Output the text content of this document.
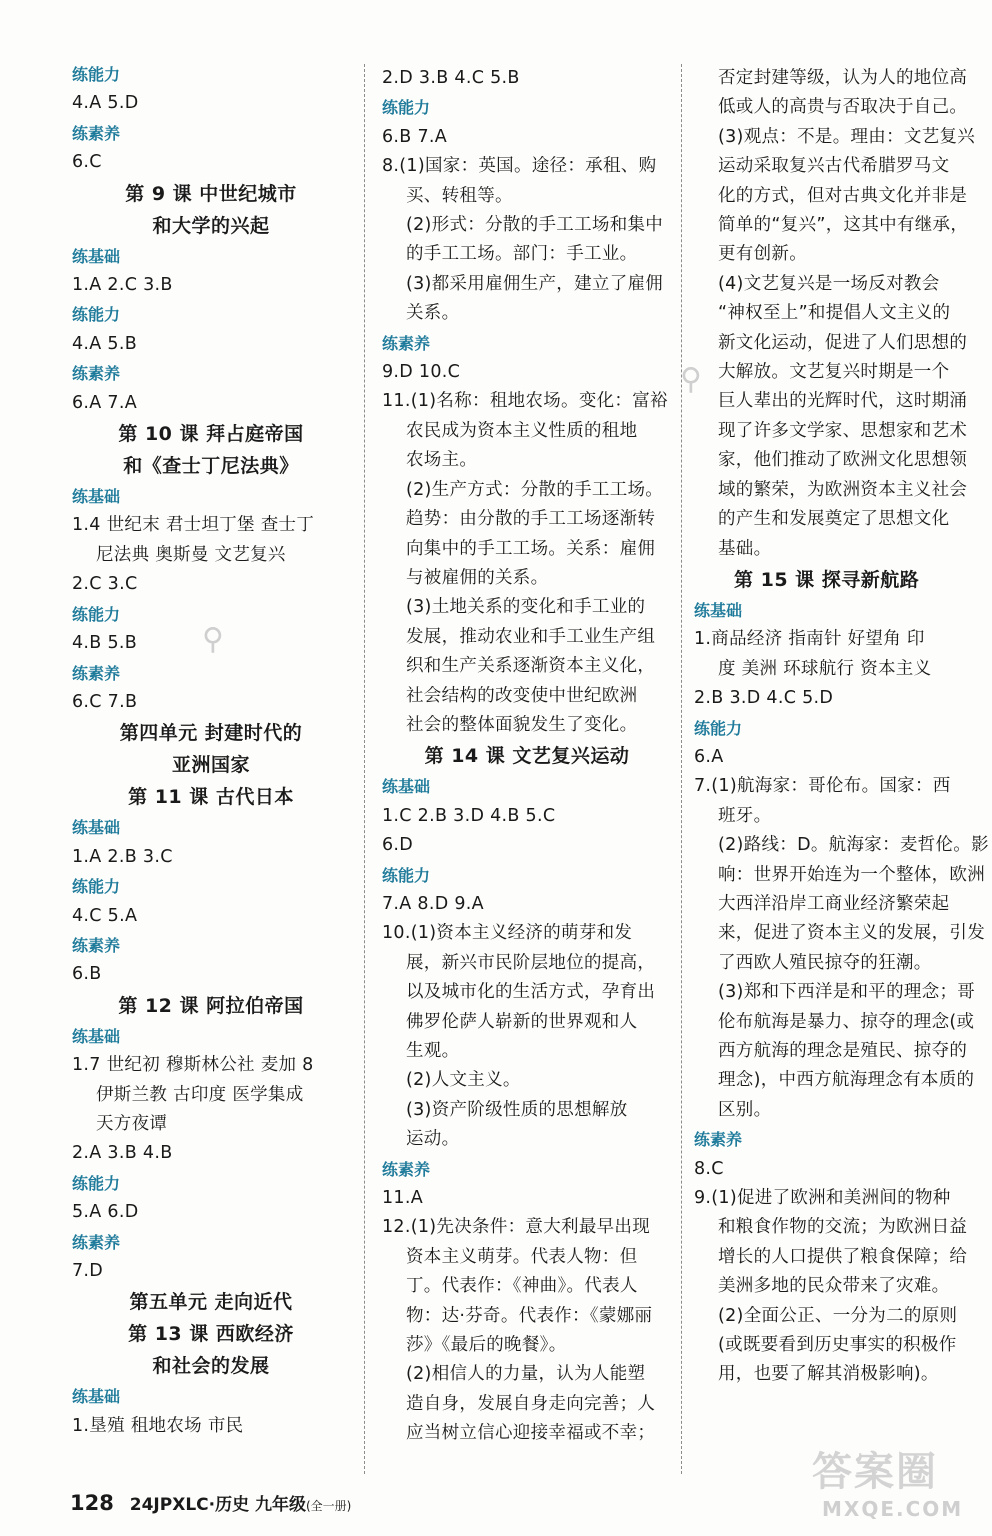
练能力
4.A 5.D
练素养
6.C
第 9 课 中世纪城市
和大学的兴起
练基础
1.A 2.C 3.B
练能力
4.A 5.B
练素养
6.A 7.A
第 10 课 拜占庭帝国
和《查士丁尼法典》
练基础
1.4 世纪末 君士坦丁堡 查士丁
尼法典 奥斯曼 文艺复兴
2.C 3.C
练能力
4.B 5.B
练素养
6.C 7.B
第四单元 封建时代的
亚洲国家
第 11 课 古代日本
练基础
1.A 2.B 3.C
练能力
4.C 5.A
练素养
6.B
第 12 课 阿拉伯帝国
练基础
1.7 世纪初 穆斯林公社 麦加 8
伊斯兰教 古印度 医学集成
天方夜谭
2.A 3.B 4.B
练能力
5.A 6.D
练素养
7.D
第五单元 走向近代
第 13 课 西欧经济
和社会的发展
练基础
1.垦殖 租地农场 市民
2.D 3.B 4.C 5.B
练能力
6.B 7.A
8.(1)国家：英国。途径：承租、购
买、转租等。
(2)形式：分散的手工工场和集中
的手工工场。部门：手工业。
(3)都采用雇佣生产，建立了雇佣
关系。
练素养
9.D 10.C
11.(1)名称：租地农场。变化：富裕
农民成为资本主义性质的租地
农场主。
(2)生产方式：分散的手工工场。
趋势：由分散的手工工场逐渐转
向集中的手工工场。关系：雇佣
与被雇佣的关系。
(3)土地关系的变化和手工业的
发展，推动农业和手工业生产组
织和生产关系逐渐资本主义化，
社会结构的改变使中世纪欧洲
社会的整体面貌发生了变化。
第 14 课 文艺复兴运动
练基础
1.C 2.B 3.D 4.B 5.C
6.D
练能力
7.A 8.D 9.A
10.(1)资本主义经济的萌芽和发
展，新兴市民阶层地位的提高，
以及城市化的生活方式，孕育出
佛罗伦萨人崭新的世界观和人
生观。
(2)人文主义。
(3)资产阶级性质的思想解放
运动。
练素养
11.A
12.(1)先决条件：意大利最早出现
资本主义萌芽。代表人物：但
丁。代表作：《神曲》。代表人
物：达·芬奇。代表作：《蒙娜丽
莎》《最后的晚餐》。
(2)相信人的力量，认为人能塑
造自身，发展自身走向完善；人
应当树立信心迎接幸福或不幸；
否定封建等级，认为人的地位高
低或人的高贵与否取决于自己。
(3)观点：不是。理由：文艺复兴
运动采取复兴古代希腊罗马文
化的方式，但对古典文化并非是
简单的“复兴”，这其中有继承，
更有创新。
(4)文艺复兴是一场反对教会
“神权至上”和提倡人文主义的
新文化运动，促进了人们思想的
大解放。文艺复兴时期是一个
巨人辈出的光辉时代，这时期涌
现了许多文学家、思想家和艺术
家，他们推动了欧洲文化思想领
域的繁荣，为欧洲资本主义社会
的产生和发展奠定了思想文化
基础。
第 15 课 探寻新航路
练基础
1.商品经济 指南针 好望角 印
度 美洲 环球航行 资本主义
2.B 3.D 4.C 5.D
练能力
6.A
7.(1)航海家：哥伦布。国家：西
班牙。
(2)路线：D。航海家：麦哲伦。影
响：世界开始连为一个整体，欧洲
大西洋沿岸工商业经济繁荣起
来，促进了资本主义的发展，引发
了西欧人殖民掠夺的狂潮。
(3)郑和下西洋是和平的理念；哥
伦布航海是暴力、掠夺的理念(或
西方航海的理念是殖民、掠夺的
理念)，中西方航海理念有本质的
区别。
练素养
8.C
9.(1)促进了欧洲和美洲间的物种
和粮食作物的交流；为欧洲日益
增长的人口提供了粮食保障；给
美洲多地的民众带来了灾难。
(2)全面公正、一分为二的原则
(或既要看到历史事实的积极作
用，也要了解其消极影响)。
⚲
⚲
128 24JPXLC·历史 九年级(全一册)
答案圈
MXQE.COM
